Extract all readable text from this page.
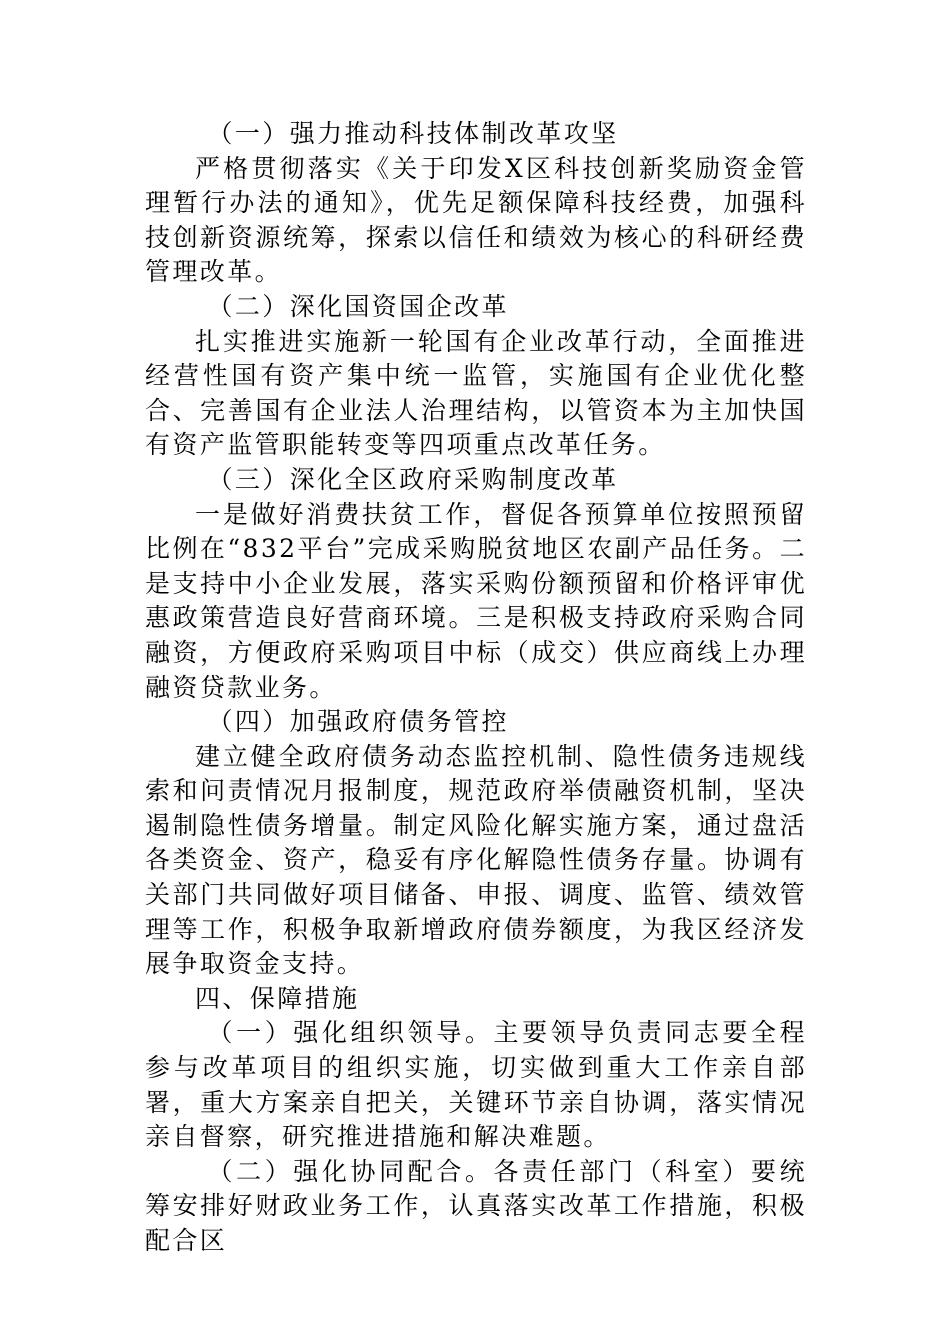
（一）强力推动科技体制改革攻坚

严格贯彻落实《关于印发X区科技创新奖励资金管理暂行办法的通知》，优先足额保障科技经费，加强科技创新资源统筹，探索以信任和绩效为核心的科研经费管理改革。

（二）深化国资国企改革

扎实推进实施新一轮国有企业改革行动，全面推进经营性国有资产集中统一监管，实施国有企业优化整合、完善国有企业法人治理结构，以管资本为主加快国有资产监管职能转变等四项重点改革任务。

（三）深化全区政府采购制度改革

一是做好消费扶贫工作，督促各预算单位按照预留比例在“832平台”完成采购脱贫地区农副产品任务。二是支持中小企业发展，落实采购份额预留和价格评审优惠政策营造良好营商环境。三是积极支持政府采购合同融资，方便政府采购项目中标（成交）供应商线上办理融资贷款业务。

（四）加强政府债务管控

建立健全政府债务动态监控机制、隐性债务违规线索和问责情况月报制度，规范政府举债融资机制，坚决遏制隐性债务增量。制定风险化解实施方案，通过盘活各类资金、资产，稳妥有序化解隐性债务存量。协调有关部门共同做好项目储备、申报、调度、监管、绩效管理等工作，积极争取新增政府债券额度，为我区经济发展争取资金支持。

四、保障措施

（一）强化组织领导。主要领导负责同志要全程参与改革项目的组织实施，切实做到重大工作亲自部署，重大方案亲自把关，关键环节亲自协调，落实情况亲自督察，研究推进措施和解决难题。

（二）强化协同配合。各责任部门（科室）要统筹安排好财政业务工作，认真落实改革工作措施，积极配合区
